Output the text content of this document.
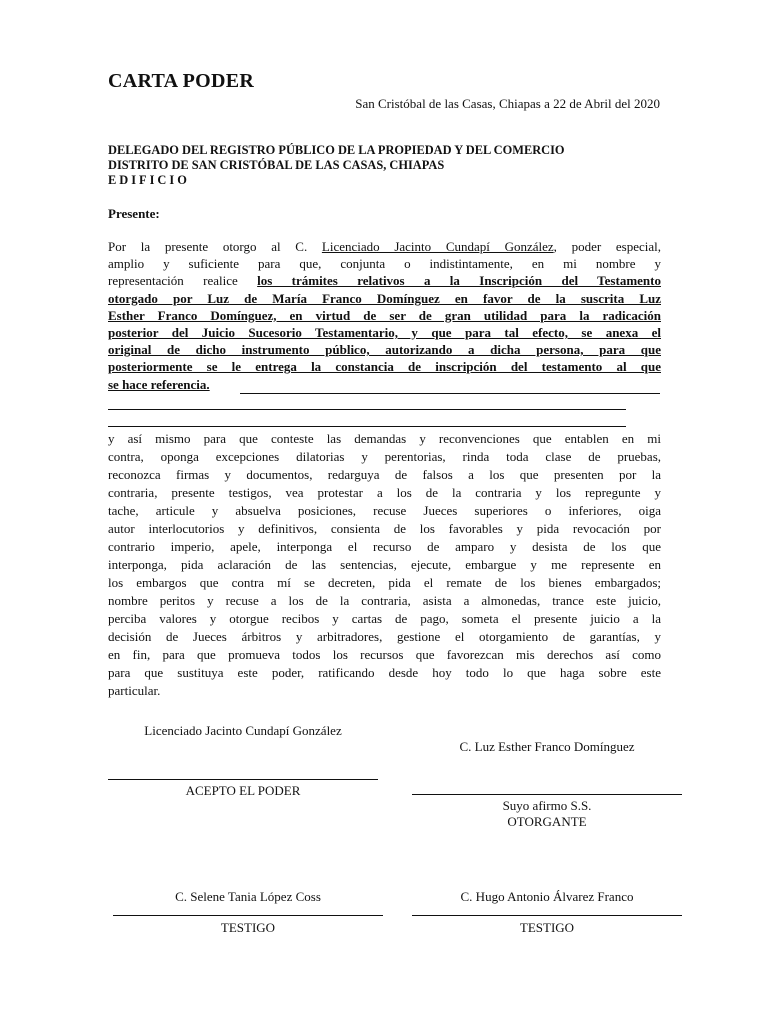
CARTA PODER
San Cristóbal de las Casas, Chiapas a 22 de Abril del 2020
DELEGADO DEL REGISTRO PÚBLICO DE LA PROPIEDAD Y DEL COMERCIO
DISTRITO DE SAN CRISTÓBAL DE LAS CASAS, CHIAPAS
EDIFICIO
Presente:
Por la presente otorgo al C. Licenciado Jacinto Cundapí González, poder especial,
amplio y suficiente para que, conjunta o indistintamente, en mi nombre y
representación realice los trámites relativos a la Inscripción del Testamento
otorgado por Luz de María Franco Domínguez en favor de la suscrita Luz
Esther Franco Domínguez, en virtud de ser de gran utilidad para la radicación
posterior del Juicio Sucesorio Testamentario, y que para tal efecto, se anexa el
original de dicho instrumento público, autorizando a dicha persona, para que
posteriormente se le entrega la constancia de inscripción del testamento al que
se hace referencia.
y así mismo para que conteste las demandas y reconvenciones que entablen en mi
contra, oponga excepciones dilatorias y perentorias, rinda toda clase de pruebas,
reconozca firmas y documentos, redarguya de falsos a los que presenten por la
contraria, presente testigos, vea protestar a los de la contraria y los repregunte y
tache, articule y absuelva posiciones, recuse Jueces superiores o inferiores, oiga
autor interlocutorios y definitivos, consienta de los favorables y pida revocación por
contrario imperio, apele, interponga el recurso de amparo y desista de los que
interponga, pida aclaración de las sentencias, ejecute, embargue y me represente en
los embargos que contra mí se decreten, pida el remate de los bienes embargados;
nombre peritos y recuse a los de la contraria, asista a almonedas, trance este juicio,
perciba valores y otorgue recibos y cartas de pago, someta el presente juicio a la
decisión de Jueces árbitros y arbitradores, gestione el otorgamiento de garantías, y
en fin, para que promueva todos los recursos que favorezcan mis derechos así como
para que sustituya este poder, ratificando desde hoy todo lo que haga sobre este
particular.
Licenciado Jacinto Cundapí González
ACEPTO EL PODER
C. Luz Esther Franco Domínguez
Suyo afirmo S.S.
OTORGANTE
C. Selene Tania López Coss
TESTIGO
C. Hugo Antonio Álvarez Franco
TESTIGO
